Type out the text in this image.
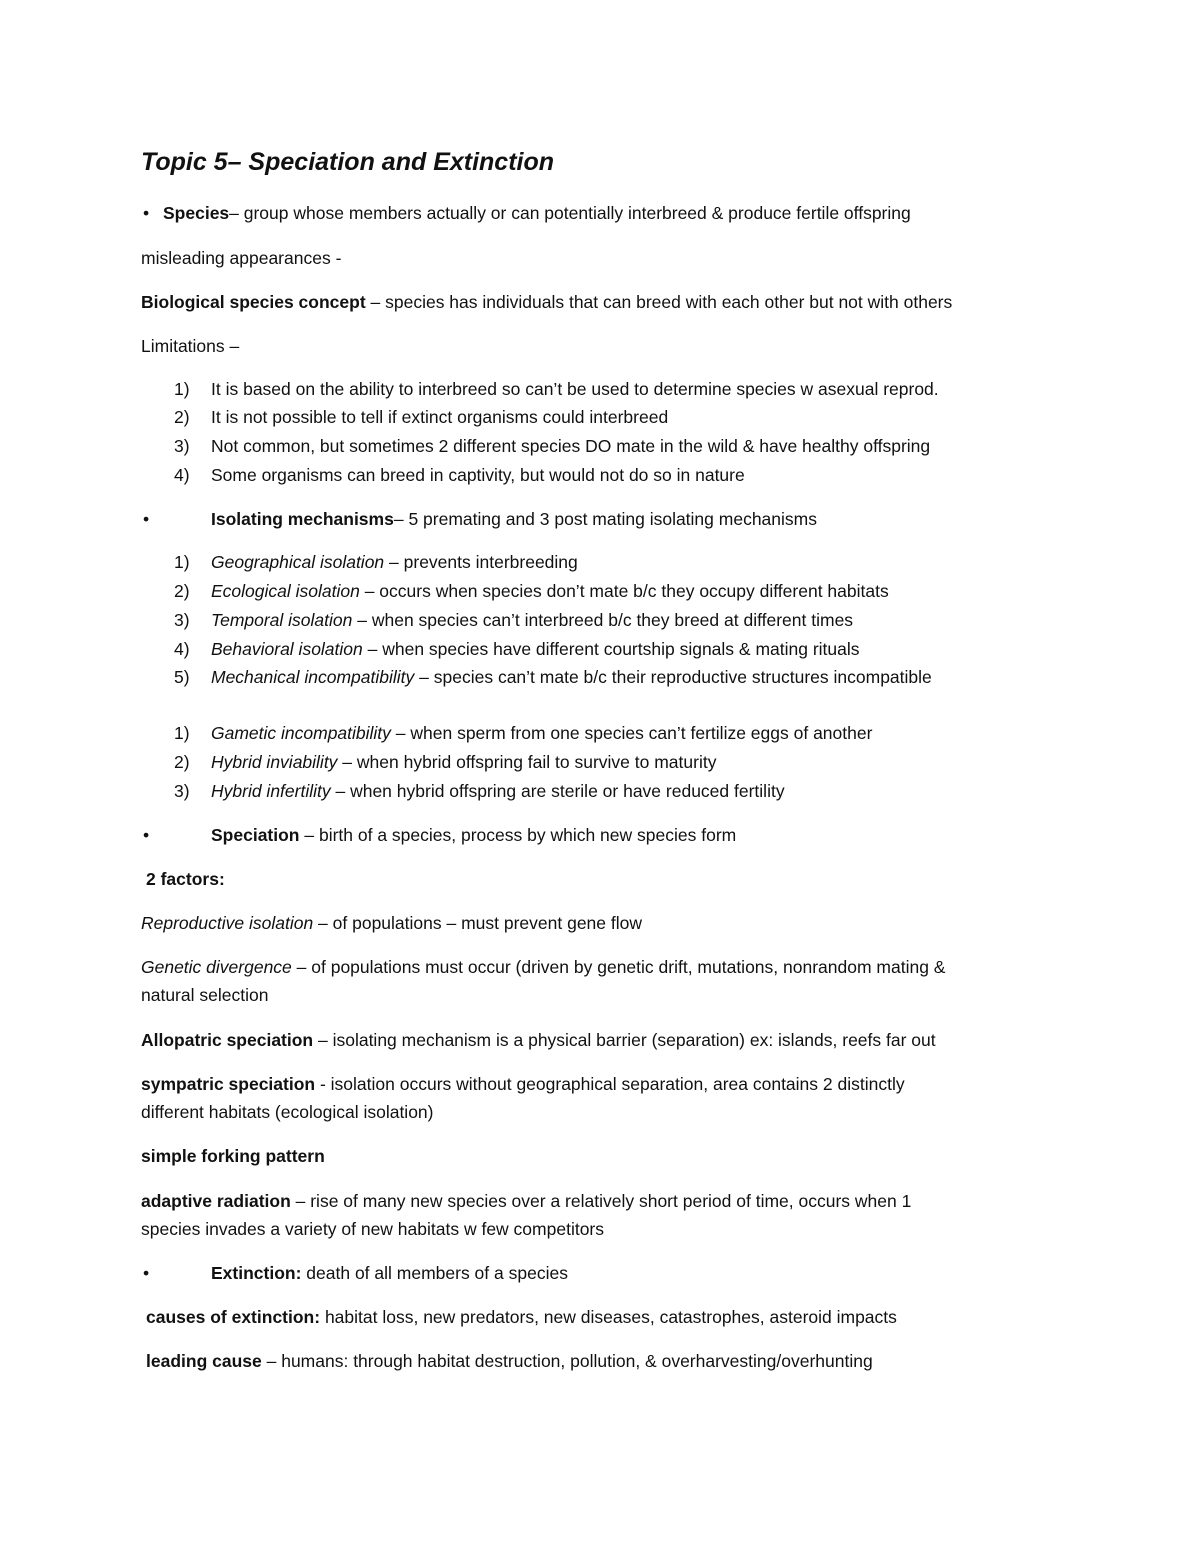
Topic 5– Speciation and Extinction
• Species– group whose members actually or can potentially interbreed & produce fertile offspring
misleading appearances -
Biological species concept – species has individuals that can breed with each other but not with others
Limitations –
1) It is based on the ability to interbreed so can’t be used to determine species w asexual reprod.
2) It is not possible to tell if extinct organisms could interbreed
3) Not common, but sometimes 2 different species DO mate in the wild & have healthy offspring
4) Some organisms can breed in captivity, but would not do so in nature
•	Isolating mechanisms– 5 premating and 3 post mating isolating mechanisms
1) Geographical isolation – prevents interbreeding
2) Ecological isolation – occurs when species don’t mate b/c they occupy different habitats
3) Temporal isolation – when species can’t interbreed b/c they breed at different times
4) Behavioral isolation – when species have different courtship signals & mating rituals
5) Mechanical incompatibility – species can’t mate b/c their reproductive structures incompatible
1) Gametic incompatibility – when sperm from one species can’t fertilize eggs of another
2) Hybrid inviability – when hybrid offspring fail to survive to maturity
3) Hybrid infertility – when hybrid offspring are sterile or have reduced fertility
•	Speciation – birth of a species, process by which new species form
2 factors:
Reproductive isolation – of populations – must prevent gene flow
Genetic divergence – of populations must occur (driven by genetic drift, mutations, nonrandom mating &
natural selection
Allopatric speciation – isolating mechanism is a physical barrier (separation) ex: islands, reefs far out
sympatric speciation - isolation occurs without geographical separation, area contains 2 distinctly
different habitats (ecological isolation)
simple forking pattern
adaptive radiation – rise of many new species over a relatively short period of time, occurs when 1
species invades a variety of new habitats w few competitors
•	Extinction: death of all members of a species
causes of extinction: habitat loss, new predators, new diseases, catastrophes, asteroid impacts
leading cause – humans: through habitat destruction, pollution, & overharvesting/overhunting
